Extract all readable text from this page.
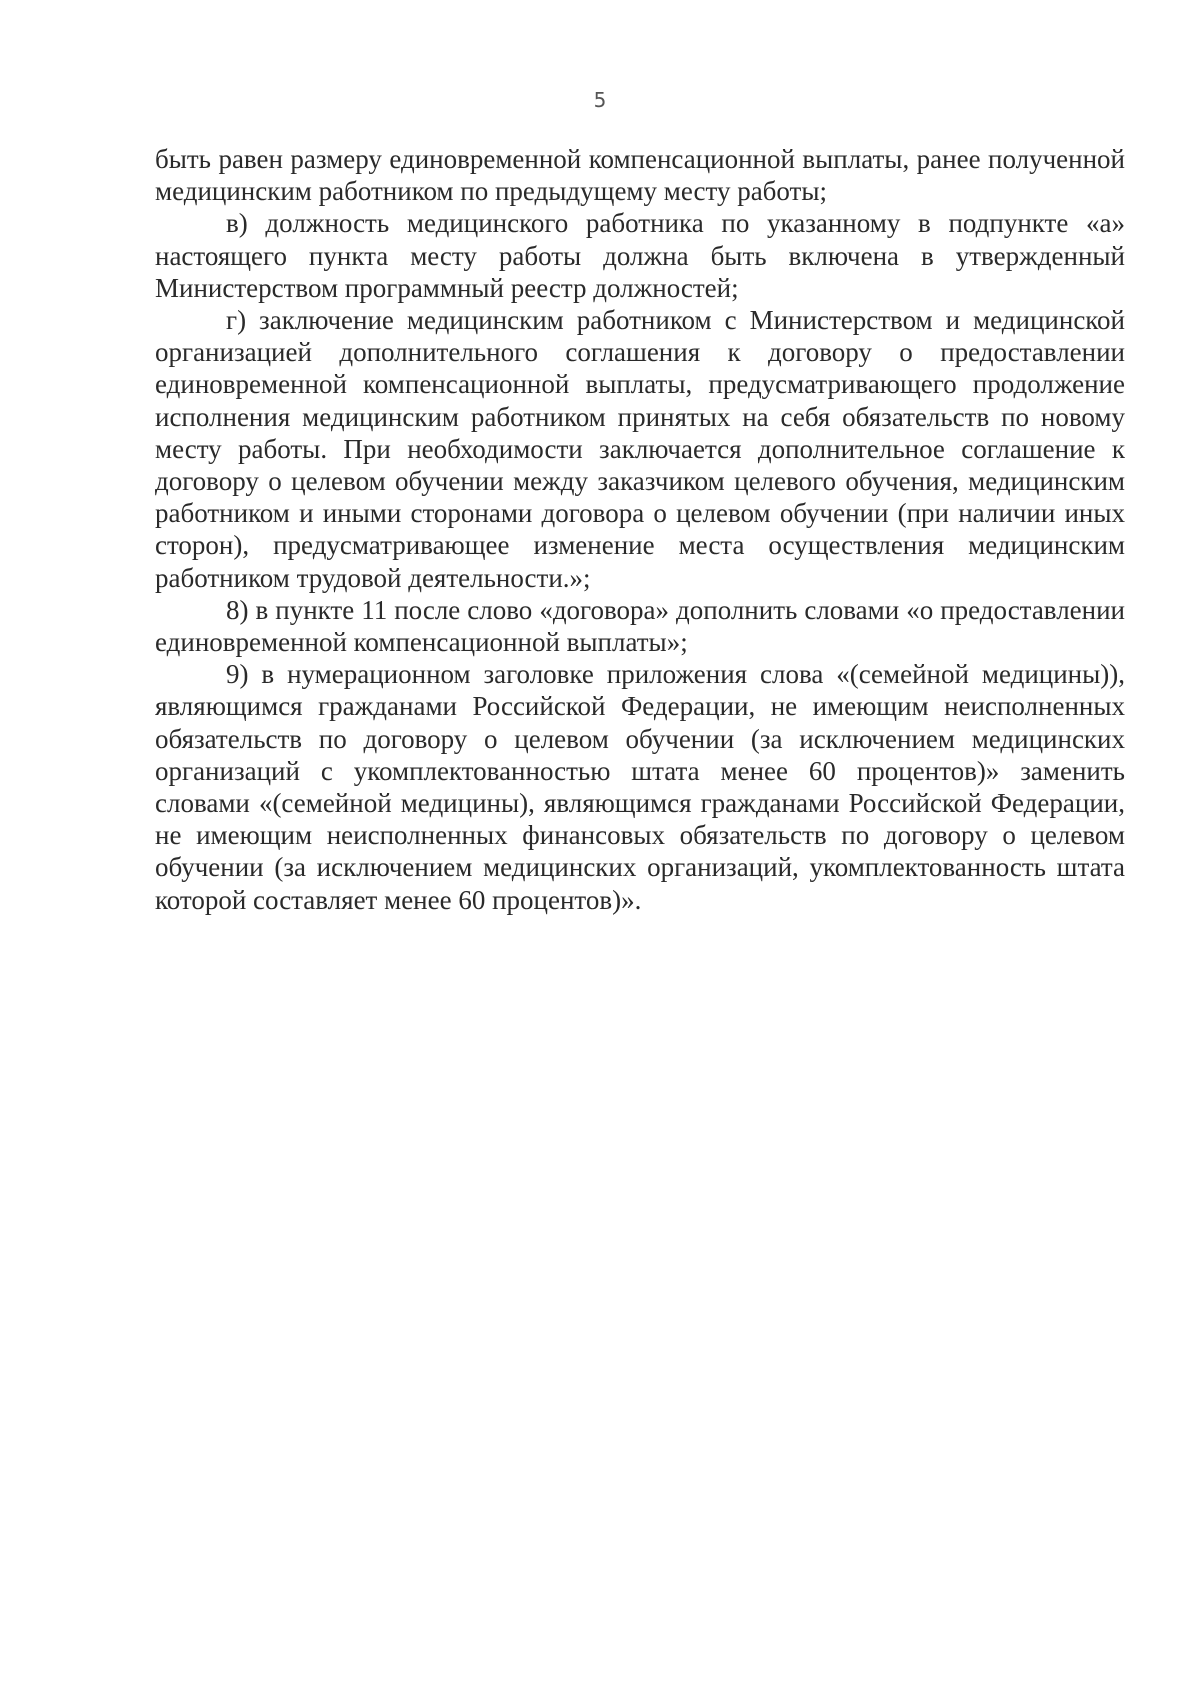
5

быть равен размеру единовременной компенсационной выплаты, ранее полученной медицинским работником по предыдущему месту работы;

в) должность медицинского работника по указанному в подпункте «а» настоящего пункта месту работы должна быть включена в утвержденный Министерством программный реестр должностей;

г) заключение медицинским работником с Министерством и медицинской организацией дополнительного соглашения к договору о предоставлении единовременной компенсационной выплаты, предусматривающего продолжение исполнения медицинским работником принятых на себя обязательств по новому месту работы. При необходимости заключается дополнительное соглашение к договору о целевом обучении между заказчиком целевого обучения, медицинским работником и иными сторонами договора о целевом обучении (при наличии иных сторон), предусматривающее изменение места осуществления медицинским работником трудовой деятельности.»;

8) в пункте 11 после слово «договора» дополнить словами «о предоставлении единовременной компенсационной выплаты»;

9) в нумерационном заголовке приложения слова «(семейной медицины)), являющимся гражданами Российской Федерации, не имеющим неисполненных обязательств по договору о целевом обучении (за исключением медицинских организаций с укомплектованностью штата менее 60 процентов)» заменить словами «(семейной медицины), являющимся гражданами Российской Федерации, не имеющим неисполненных финансовых обязательств по договору о целевом обучении (за исключением медицинских организаций, укомплектованность штата которой составляет менее 60 процентов)».
